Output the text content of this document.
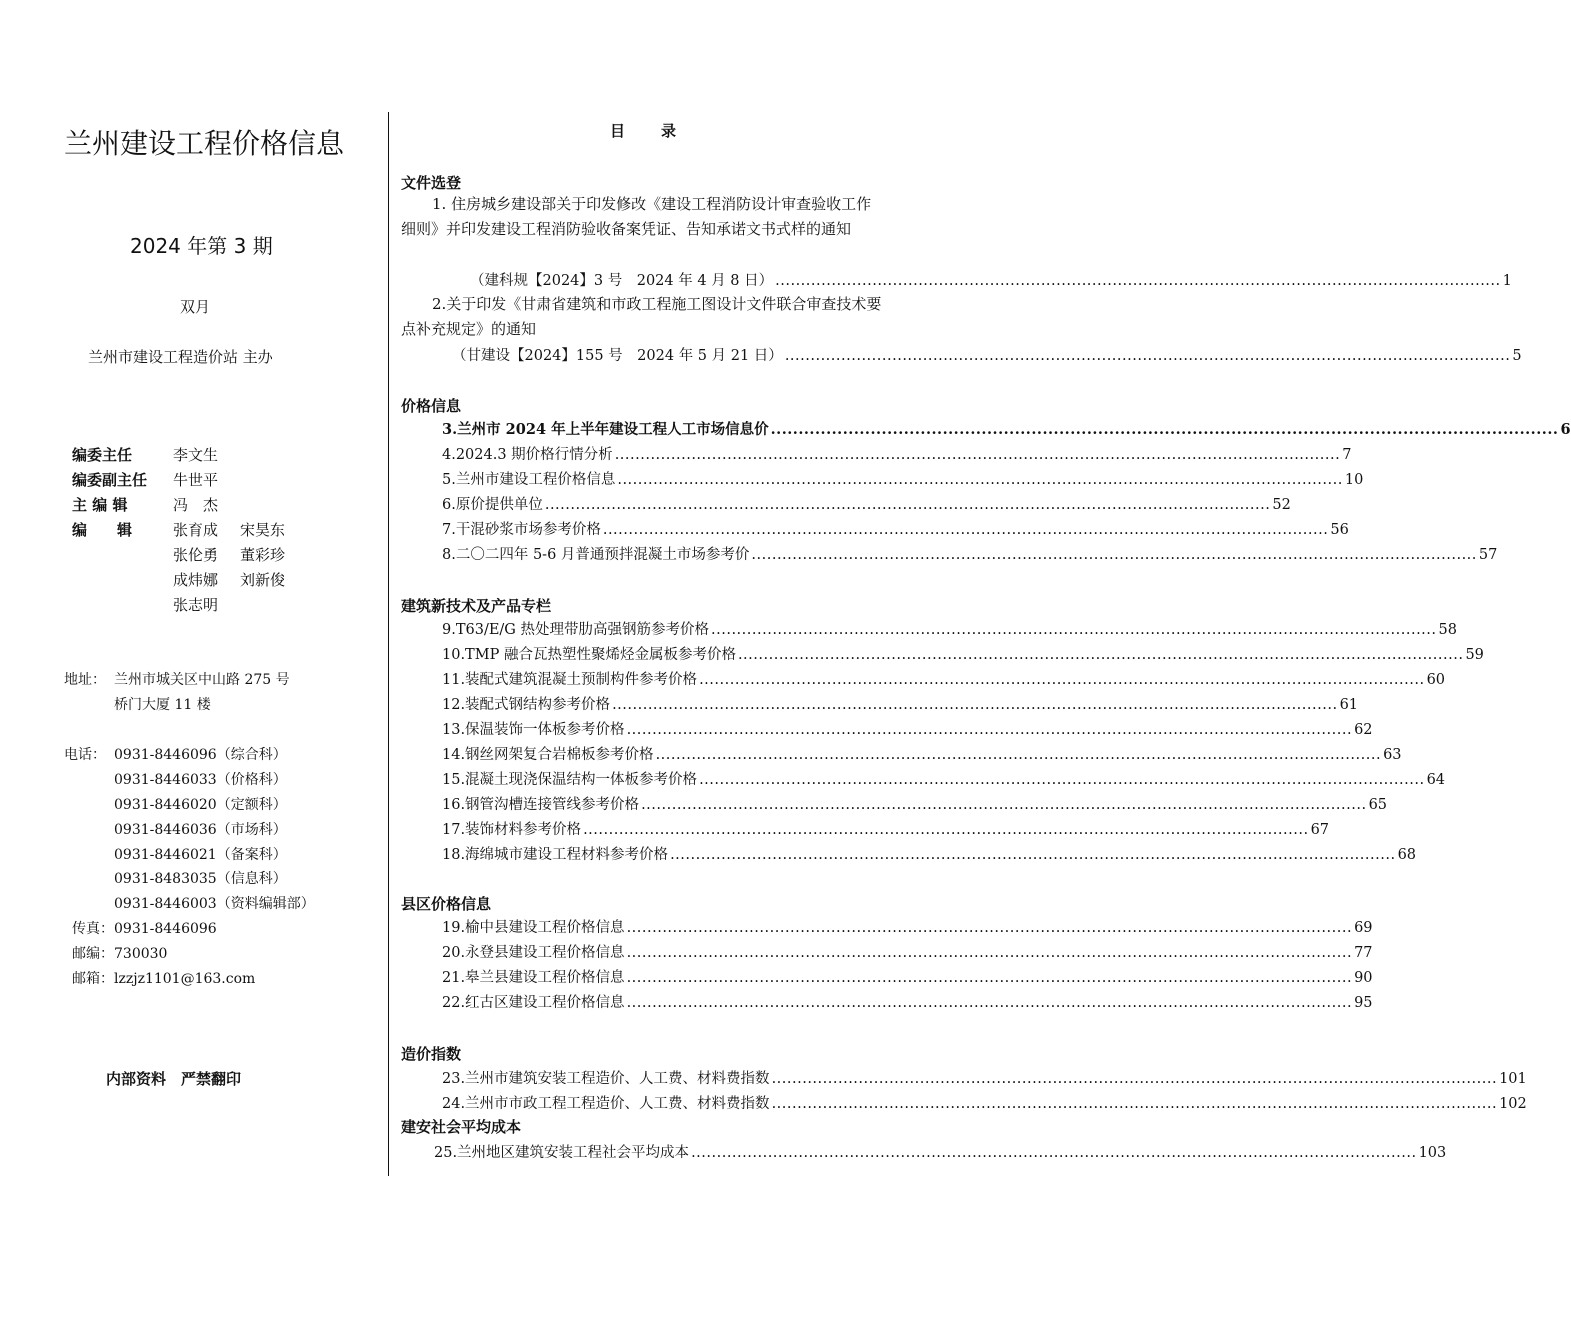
兰州建设工程价格信息
2024 年第 3 期
双月
兰州市建设工程造价站 主办
编委主任	李文生
编委副主任 牛世平
主 编 辑	冯　杰
编　　辑	张育成 宋昊东
张伦勇 董彩珍
成炜娜 刘新俊
张志明
地址： 兰州市城关区中山路 275 号
桥门大厦 11 楼
电话： 0931-8446096（综合科）
0931-8446033（价格科）
0931-8446020（定额科）
0931-8446036（市场科）
0931-8446021（备案科）
0931-8483035（信息科）
0931-8446003（资料编辑部）
传真：0931-8446096
邮编：730030
邮箱：lzzjz1101@163.com
内部资料　严禁翻印
目　　录
文件选登
1. 住房城乡建设部关于印发修改《建设工程消防设计审查验收工作细则》并印发建设工程消防验收备案凭证、告知承诺文书式样的通知
（建科规【2024】3 号　2024 年 4 月 8 日） .............................................................................................................................................. 1
2.关于印发《甘肃省建筑和市政工程施工图设计文件联合审查技术要点补充规定》的通知
（甘建设【2024】155 号　2024 年 5 月 21 日） .............................................................................................................................................. 5
价格信息
3.兰州市 2024 年上半年建设工程人工市场信息价 .............................................................................................................................................. 6
4.2024.3 期价格行情分析 .............................................................................................................................................. 7
5.兰州市建设工程价格信息 .............................................................................................................................................. 10
6.原价提供单位 .............................................................................................................................................. 52
7.干混砂浆市场参考价格 .............................................................................................................................................. 56
8.二〇二四年 5-6 月普通预拌混凝土市场参考价 .............................................................................................................................................. 57
建筑新技术及产品专栏
9.T63/E/G 热处理带肋高强钢筋参考价格 .............................................................................................................................................. 58
10.TMP 融合瓦热塑性聚烯烃金属板参考价格 .............................................................................................................................................. 59
11.装配式建筑混凝土预制构件参考价格 .............................................................................................................................................. 60
12.装配式钢结构参考价格 .............................................................................................................................................. 61
13.保温装饰一体板参考价格 .............................................................................................................................................. 62
14.钢丝网架复合岩棉板参考价格 .............................................................................................................................................. 63
15.混凝土现浇保温结构一体板参考价格 .............................................................................................................................................. 64
16.钢管沟槽连接管线参考价格 .............................................................................................................................................. 65
17.装饰材料参考价格 .............................................................................................................................................. 67
18.海绵城市建设工程材料参考价格 .............................................................................................................................................. 68
县区价格信息
19.榆中县建设工程价格信息 .............................................................................................................................................. 69
20.永登县建设工程价格信息 .............................................................................................................................................. 77
21.皋兰县建设工程价格信息 .............................................................................................................................................. 90
22.红古区建设工程价格信息 .............................................................................................................................................. 95
造价指数
23.兰州市建筑安装工程造价、人工费、材料费指数 .............................................................................................................................................. 101
24.兰州市市政工程工程造价、人工费、材料费指数 .............................................................................................................................................. 102
建安社会平均成本
25.兰州地区建筑安装工程社会平均成本 .............................................................................................................................................. 103
